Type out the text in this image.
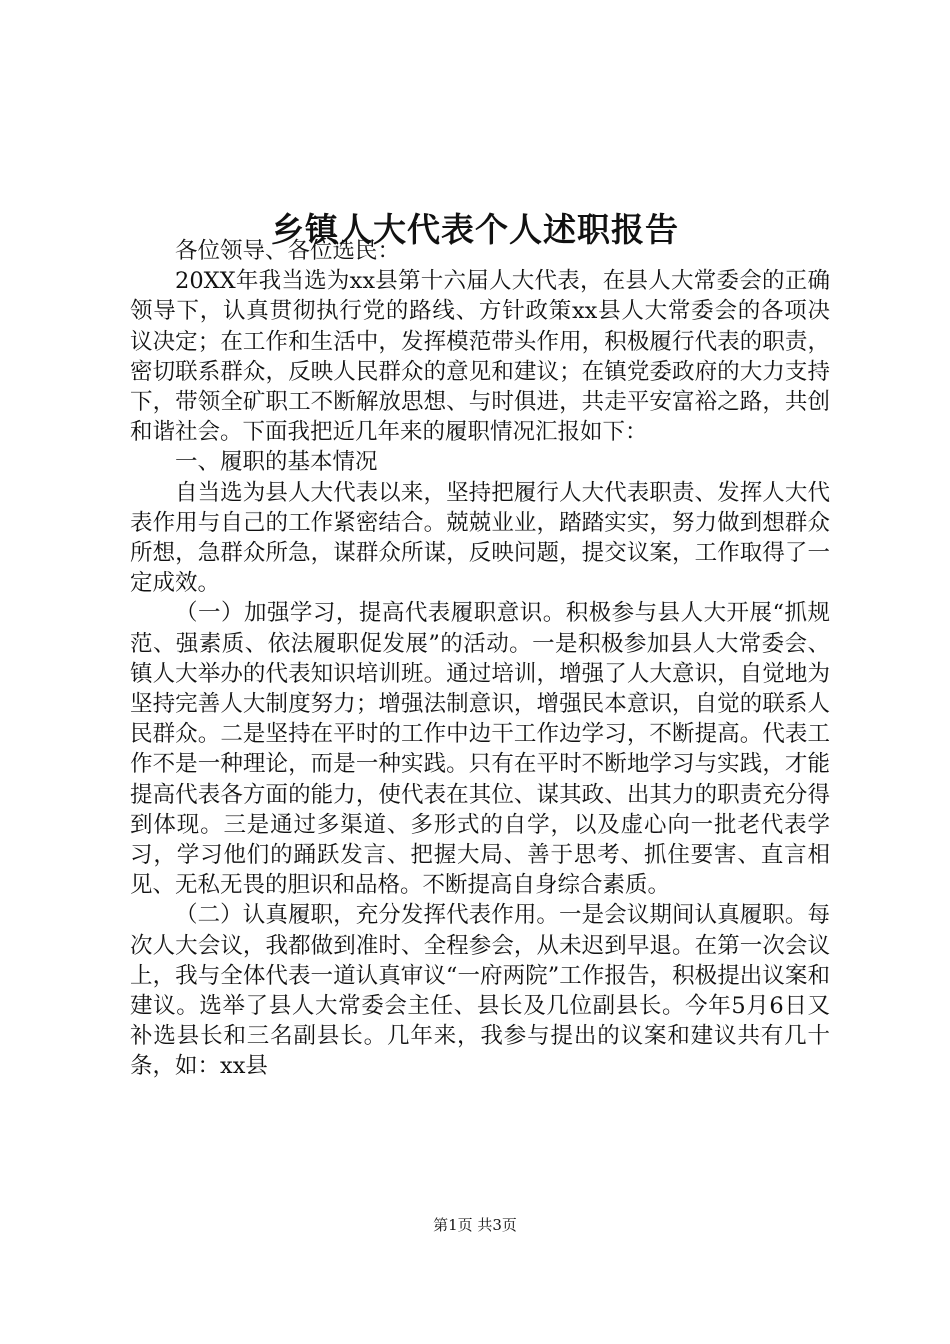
乡镇人大代表个人述职报告

各位领导、各位选民：

20XX年我当选为xx县第十六届人大代表，在县人大常委会的正确领导下，认真贯彻执行党的路线、方针政策xx县人大常委会的各项决议决定；在工作和生活中，发挥模范带头作用，积极履行代表的职责，密切联系群众，反映人民群众的意见和建议；在镇党委政府的大力支持下，带领全矿职工不断解放思想、与时俱进，共走平安富裕之路，共创和谐社会。下面我把近几年来的履职情况汇报如下：

一、履职的基本情况

自当选为县人大代表以来，坚持把履行人大代表职责、发挥人大代表作用与自己的工作紧密结合。兢兢业业，踏踏实实，努力做到想群众所想，急群众所急，谋群众所谋，反映问题，提交议案，工作取得了一定成效。

（一）加强学习，提高代表履职意识。积极参与县人大开展“抓规范、强素质、依法履职促发展”的活动。一是积极参加县人大常委会、镇人大举办的代表知识培训班。通过培训，增强了人大意识，自觉地为坚持完善人大制度努力；增强法制意识，增强民本意识，自觉的联系人民群众。二是坚持在平时的工作中边干工作边学习，不断提高。代表工作不是一种理论，而是一种实践。只有在平时不断地学习与实践，才能提高代表各方面的能力，使代表在其位、谋其政、出其力的职责充分得到体现。三是通过多渠道、多形式的自学，以及虚心向一批老代表学习，学习他们的踊跃发言、把握大局、善于思考、抓住要害、直言相见、无私无畏的胆识和品格。不断提高自身综合素质。

（二）认真履职，充分发挥代表作用。一是会议期间认真履职。每次人大会议，我都做到准时、全程参会，从未迟到早退。在第一次会议上，我与全体代表一道认真审议“一府两院”工作报告，积极提出议案和建议。选举了县人大常委会主任、县长及几位副县长。今年5月6日又补选县长和三名副县长。几年来，我参与提出的议案和建议共有几十条，如：xx县

第1页 共3页
